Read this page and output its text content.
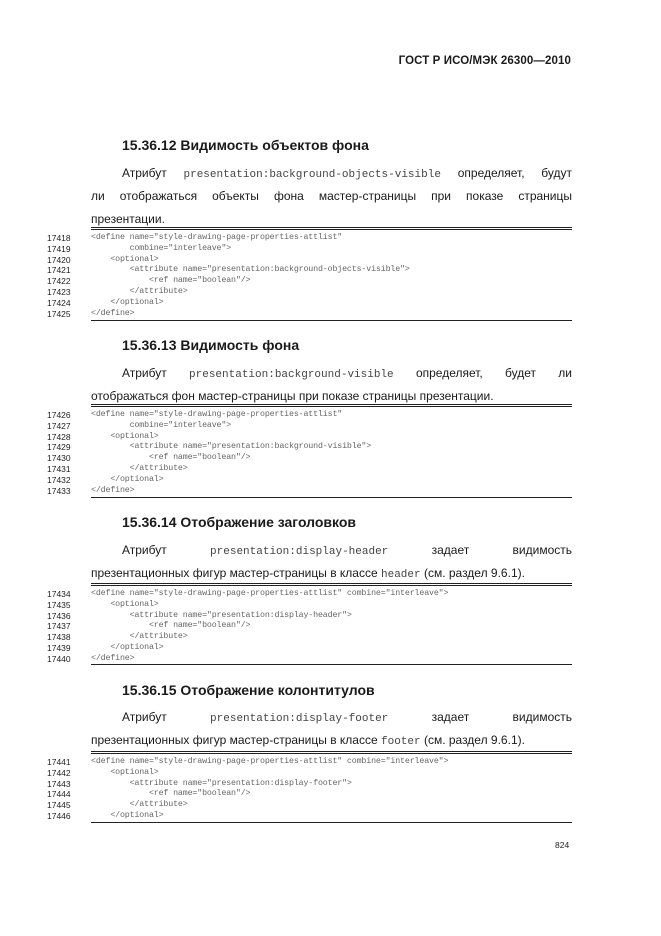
ГОСТ Р ИСО/МЭК 26300—2010
15.36.12 Видимость объектов фона
Атрибут presentation:background-objects-visible определяет, будут
ли отображаться объекты фона мастер-страницы при показе страницы
презентации.
17418	<define name="style-drawing-page-properties-attlist"
17419	combine="interleave">
17420	<optional>
17421	<attribute name="presentation:background-objects-visible">
17422	<ref name="boolean"/>
17423	</attribute>
17424	</optional>
17425	</define>
15.36.13 Видимость фона
Атрибут presentation:background-visible определяет, будет ли
отображаться фон мастер-страницы при показе страницы презентации.
17426	<define name="style-drawing-page-properties-attlist"
17427	combine="interleave">
17428	<optional>
17429	<attribute name="presentation:background-visible">
17430	<ref name="boolean"/>
17431	</attribute>
17432	</optional>
17433	</define>
15.36.14 Отображение заголовков
Атрибут presentation:display-header задает видимость
презентационных фигур мастер-страницы в классе header (см. раздел 9.6.1).
17434	<define name="style-drawing-page-properties-attlist" combine="interleave">
17435	<optional>
17436	<attribute name="presentation:display-header">
17437	<ref name="boolean"/>
17438	</attribute>
17439	</optional>
17440	</define>
15.36.15 Отображение колонтитулов
Атрибут presentation:display-footer задает видимость
презентационных фигур мастер-страницы в классе footer (см. раздел 9.6.1).
17441	<define name="style-drawing-page-properties-attlist" combine="interleave">
17442	<optional>
17443	<attribute name="presentation:display-footer">
17444	<ref name="boolean"/>
17445	</attribute>
17446	</optional>
824
